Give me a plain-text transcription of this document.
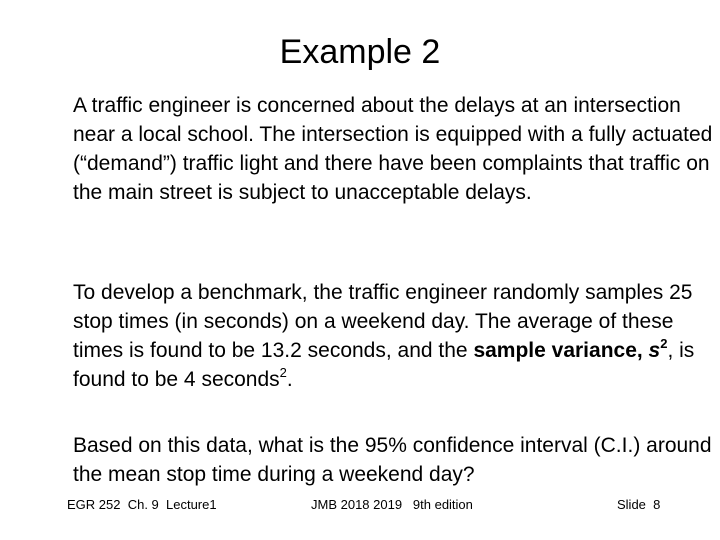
Example 2

A traffic engineer is concerned about the delays at an intersection near a local school. The intersection is equipped with a fully actuated (“demand”) traffic light and there have been complaints that traffic on the main street is subject to unacceptable delays.

To develop a benchmark, the traffic engineer randomly samples 25 stop times (in seconds) on a weekend day. The average of these times is found to be 13.2 seconds, and the sample variance, $s^2$, is found to be 4 seconds$^2$.

Based on this data, what is the 95% confidence interval (C.I.) around the mean stop time during a weekend day?

EGR 252  Ch. 9  Lecture1	JMB 2018 2019   9th edition	Slide  8
